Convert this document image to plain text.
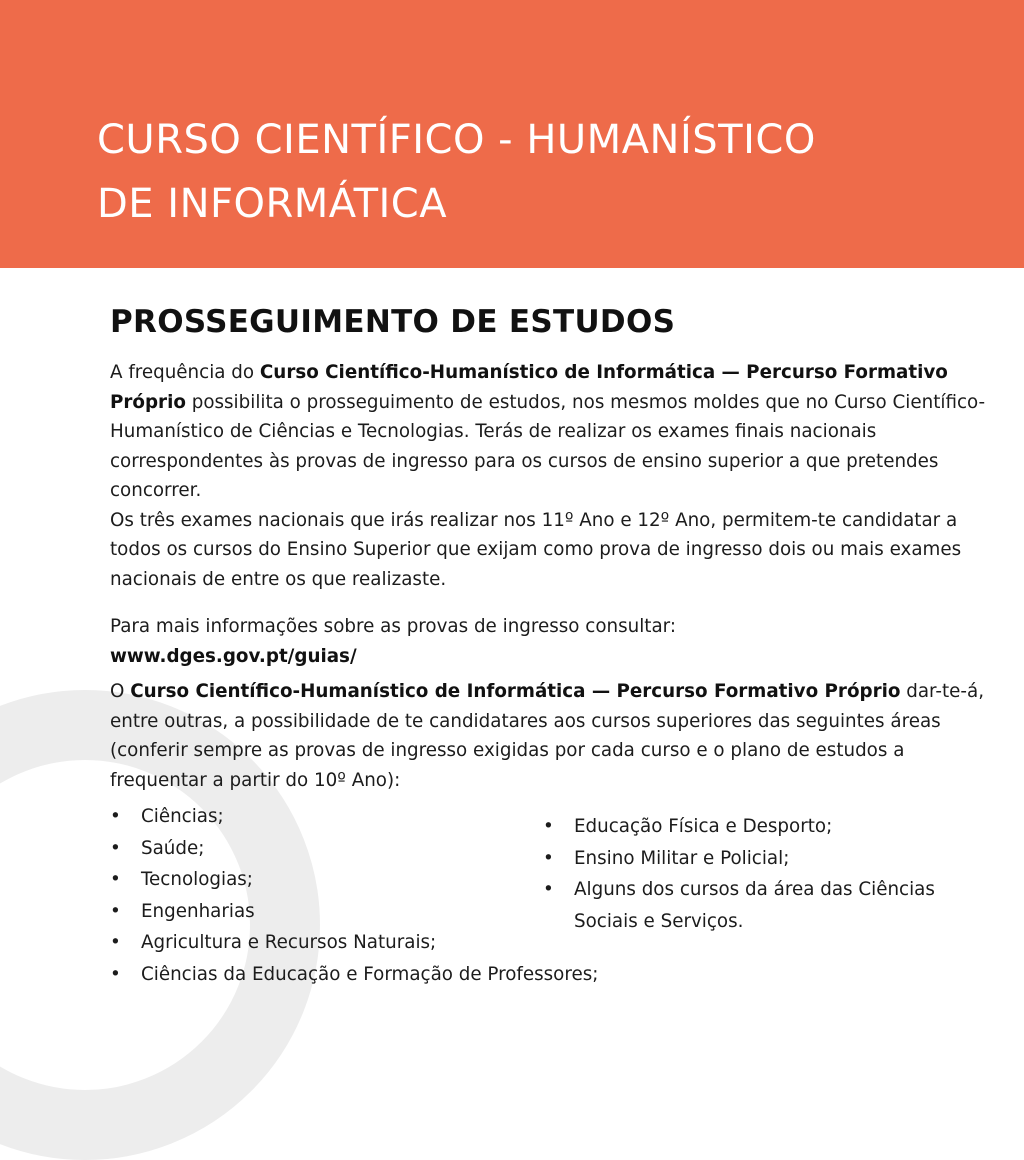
CURSO CIENTÍFICO - HUMANÍSTICO
DE INFORMÁTICA
PROSSEGUIMENTO DE ESTUDOS

A frequência do Curso Científico-Humanístico de Informática — Percurso Formativo Próprio possibilita o prosseguimento de estudos, nos mesmos moldes que no Curso Científico-Humanístico de Ciências e Tecnologias. Terás de realizar os exames finais nacionais correspondentes às provas de ingresso para os cursos de ensino superior a que pretendes concorrer.

Os três exames nacionais que irás realizar nos 11º Ano e 12º Ano, permitem-te candidatar a todos os cursos do Ensino Superior que exijam como prova de ingresso dois ou mais exames nacionais de entre os que realizaste.

Para mais informações sobre as provas de ingresso consultar:
www.dges.gov.pt/guias/

O Curso Científico-Humanístico de Informática — Percurso Formativo Próprio dar-te-á, entre outras, a possibilidade de te candidatares aos cursos superiores das seguintes áreas (conferir sempre as provas de ingresso exigidas por cada curso e o plano de estudos a frequentar a partir do 10º Ano):

• Ciências;
• Saúde;
• Tecnologias;
• Engenharias
• Agricultura e Recursos Naturais;
• Ciências da Educação e Formação de Professores;
• Educação Física e Desporto;
• Ensino Militar e Policial;
• Alguns dos cursos da área das Ciências Sociais e Serviços.
